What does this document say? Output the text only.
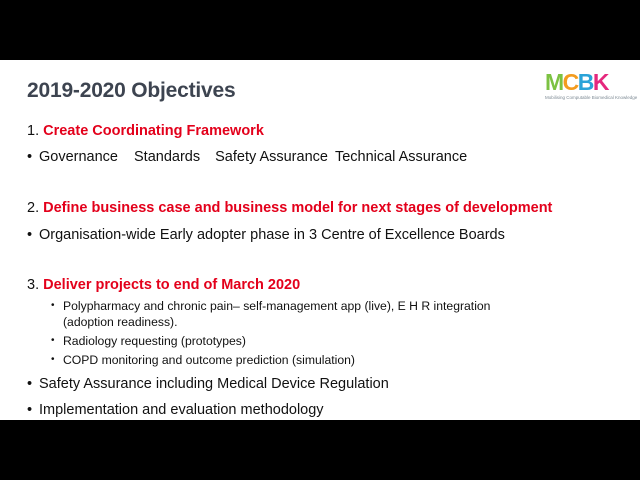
2019-2020 Objectives	MCBK
Mobilising Computable Biomedical Knowledge
1. Create Coordinating Framework
• Governance Standards Safety Assurance Technical Assurance
2. Define business case and business model for next stages of development
• Organisation-wide Early adopter phase in 3 Centre of Excellence Boards
3. Deliver projects to end of March 2020
• Polypharmacy and chronic pain– self-management app (live), E H R integration
(adoption readiness).
• Radiology requesting (prototypes)
• COPD monitoring and outcome prediction (simulation)
• Safety Assurance including Medical Device Regulation
• Implementation and evaluation methodology
